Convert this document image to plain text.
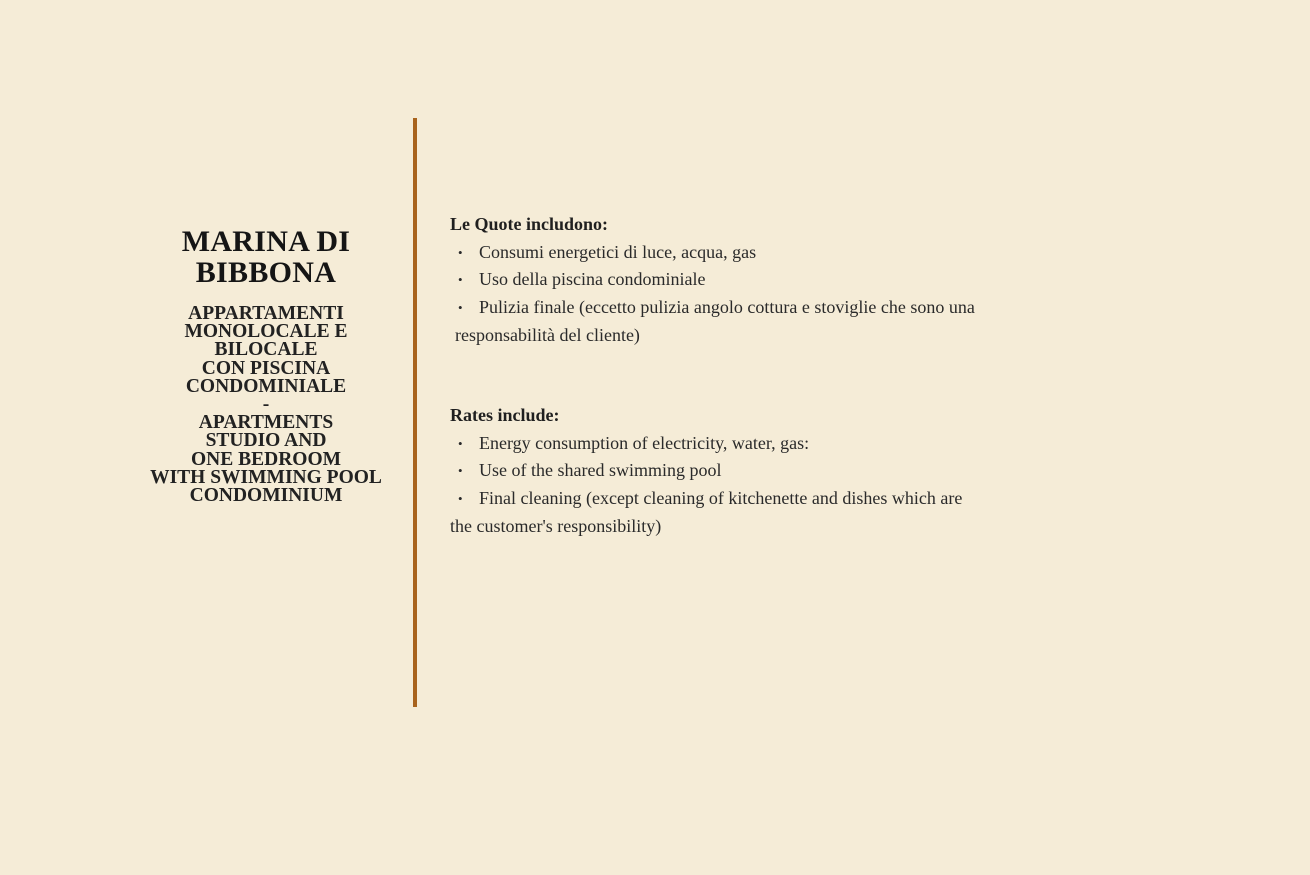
MARINA DI
BIBBONA
APPARTAMENTI
MONOLOCALE E
BILOCALE
CON PISCINA
CONDOMINIALE
-
APARTMENTS
STUDIO AND
ONE BEDROOM
WITH SWIMMING POOL
CONDOMINIUM
Le Quote includono:
• Consumi energetici di luce, acqua, gas
• Uso della piscina condominiale
• Pulizia finale (eccetto pulizia angolo cottura e stoviglie che sono una
responsabilità del cliente)
Rates include:
• Energy consumption of electricity, water, gas:
• Use of the shared swimming pool
• Final cleaning (except cleaning of kitchenette and dishes which are
the customer's responsibility)
